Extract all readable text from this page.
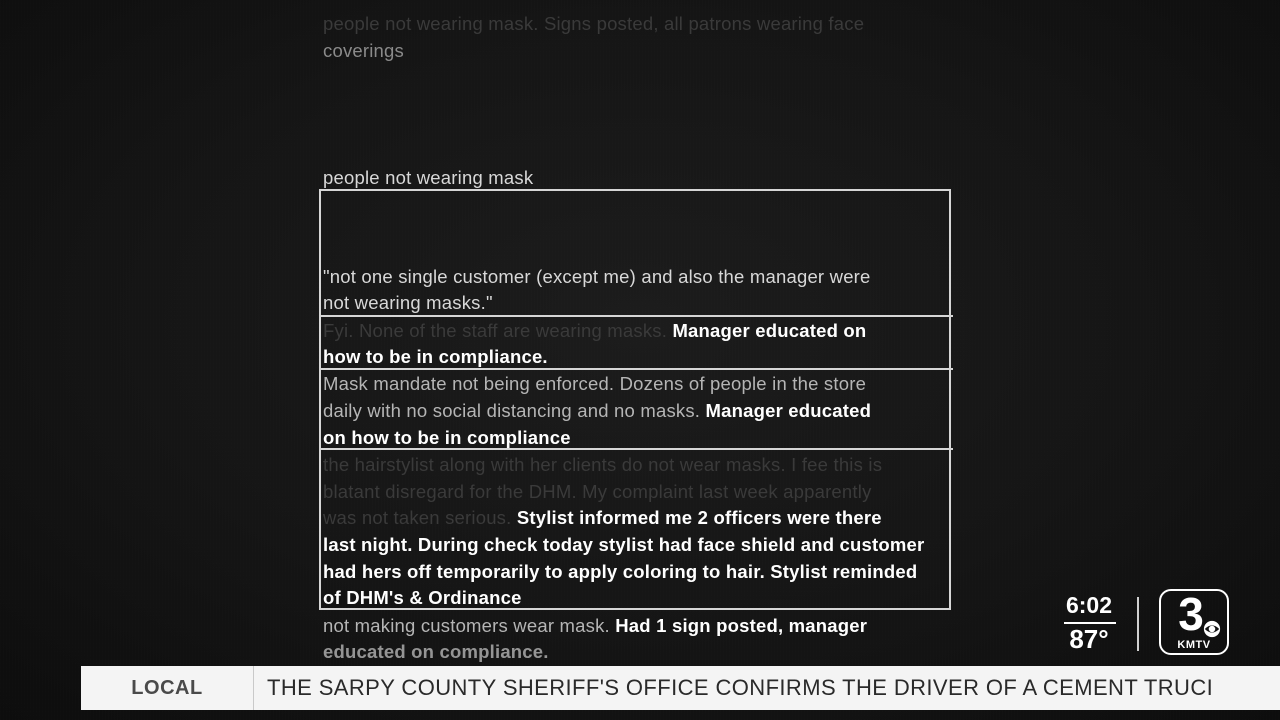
people not wearing mask. Signs posted, all patrons wearing face
coverings
people not wearing mask
"not one single customer (except me) and also the manager were
not wearing masks."
Fyi. None of the staff are wearing masks. Manager educated on
how to be in compliance.
Mask mandate not being enforced. Dozens of people in the store
daily with no social distancing and no masks. Manager educated
on how to be in compliance
the hairstylist along with her clients do not wear masks. I fee this is
blatant disregard for the DHM. My complaint last week apparently
was not taken serious. Stylist informed me 2 officers were there
last night. During check today stylist had face shield and customer
had hers off temporarily to apply coloring to hair. Stylist reminded
of DHM's & Ordinance
not making customers wear mask. Had 1 sign posted, manager
educated on compliance.
LOCAL	THE SARPY COUNTY SHERIFF'S OFFICE CONFIRMS THE DRIVER OF A CEMENT TRUCI
6:02
87° 3
KMTV
